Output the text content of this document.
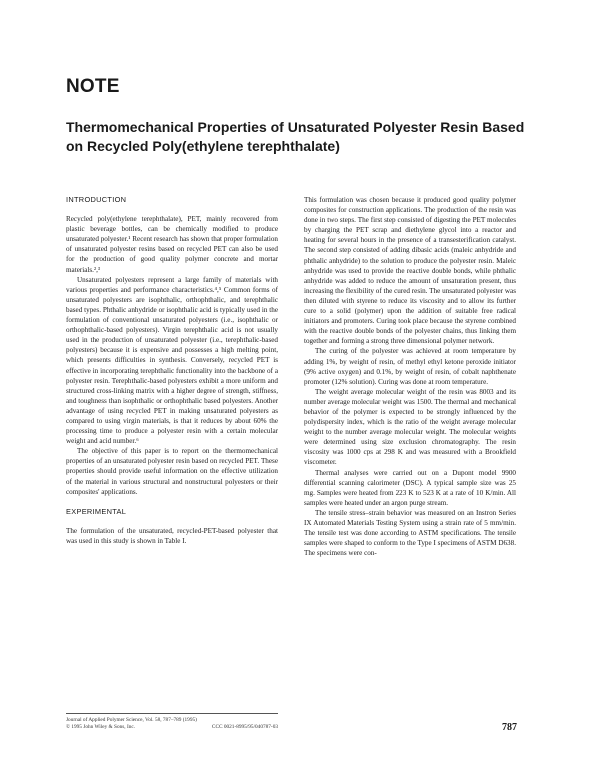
NOTE
Thermomechanical Properties of Unsaturated Polyester Resin Based on Recycled Poly(ethylene terephthalate)
INTRODUCTION

Recycled poly(ethylene terephthalate), PET, mainly recovered from plastic beverage bottles, can be chemically modified to produce unsaturated polyester.¹ Recent research has shown that proper formulation of unsaturated polyester resins based on recycled PET can also be used for the production of good quality polymer concrete and mortar materials.²,³

Unsaturated polyesters represent a large family of materials with various properties and performance characteristics.⁴,⁵ Common forms of unsaturated polyesters are isophthalic, orthophthalic, and terephthalic based types. Phthalic anhydride or isophthalic acid is typically used in the formulation of conventional unsaturated polyesters (i.e., isophthalic or orthophthalic-based polyesters). Virgin terephthalic acid is not usually used in the production of unsaturated polyester (i.e., terephthalic-based polyesters) because it is expensive and possesses a high melting point, which presents difficulties in synthesis. Conversely, recycled PET is effective in incorporating terephthalic functionality into the backbone of a polyester resin. Terephthalic-based polyesters exhibit a more uniform and structured cross-linking matrix with a higher degree of strength, stiffness, and toughness than isophthalic or orthophthalic based polyesters. Another advantage of using recycled PET in making unsaturated polyesters as compared to using virgin materials, is that it reduces by about 60% the processing time to produce a polyester resin with a certain molecular weight and acid number.⁶

The objective of this paper is to report on the thermomechanical properties of an unsaturated polyester resin based on recycled PET. These properties should provide useful information on the effective utilization of the material in various structural and nonstructural polyesters or their composites' applications.

EXPERIMENTAL

The formulation of the unsaturated, recycled-PET-based polyester that was used in this study is shown in Table I.

Journal of Applied Polymer Science, Vol. 58, 787–789 (1995)
© 1995 John Wiley & Sons, Inc.	CCC 0021-8995/95/040787-03

This formulation was chosen because it produced good quality polymer composites for construction applications. The production of the resin was done in two steps. The first step consisted of digesting the PET molecules by charging the PET scrap and diethylene glycol into a reactor and heating for several hours in the presence of a transesterification catalyst. The second step consisted of adding dibasic acids (maleic anhydride and phthalic anhydride) to the solution to produce the polyester resin. Maleic anhydride was used to provide the reactive double bonds, while phthalic anhydride was added to reduce the amount of unsaturation present, thus increasing the flexibility of the cured resin. The unsaturated polyester was then diluted with styrene to reduce its viscosity and to allow its further cure to a solid (polymer) upon the addition of suitable free radical initiators and promoters. Curing took place because the styrene combined with the reactive double bonds of the polyester chains, thus linking them together and forming a strong three dimensional polymer network.

The curing of the polyester was achieved at room temperature by adding 1%, by weight of resin, of methyl ethyl ketone peroxide initiator (9% active oxygen) and 0.1%, by weight of resin, of cobalt naphthenate promoter (12% solution). Curing was done at room temperature.

The weight average molecular weight of the resin was 8003 and its number average molecular weight was 1500. The thermal and mechanical behavior of the polymer is expected to be strongly influenced by the polydispersity index, which is the ratio of the weight average molecular weight to the number average molecular weight. The molecular weights were determined using size exclusion chromatography. The resin viscosity was 1000 cps at 298 K and was measured with a Brookfield viscometer.

Thermal analyses were carried out on a Dupont model 9900 differential scanning calorimeter (DSC). A typical sample size was 25 mg. Samples were heated from 223 K to 523 K at a rate of 10 K/min. All samples were heated under an argon purge stream.

The tensile stress–strain behavior was measured on an Instron Series IX Automated Materials Testing System using a strain rate of 5 mm/min. The tensile test was done according to ASTM specifications. The tensile samples were shaped to conform to the Type I specimens of ASTM D638. The specimens were con-

787
